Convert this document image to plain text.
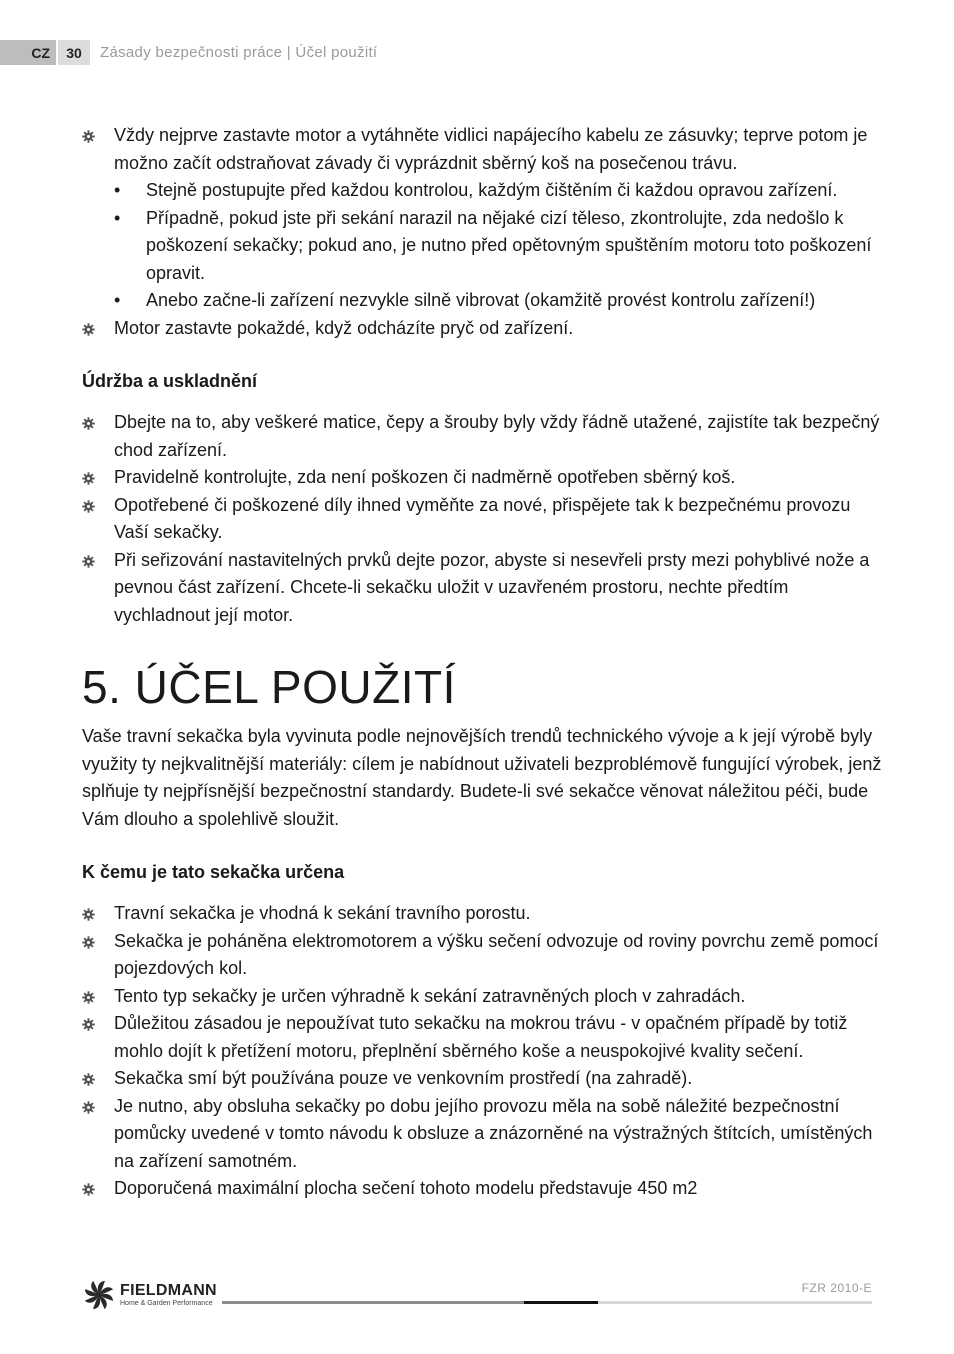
CZ	30	Zásady bezpečnosti práce | Účel použití
Vždy nejprve zastavte motor a vytáhněte vidlici napájecího kabelu ze zásuvky; teprve potom je možno začít odstraňovat závady či vyprázdnit sběrný koš na posečenou trávu.
• Stejně postupujte před každou kontrolou, každým čištěním či každou opravou zařízení.
• Případně, pokud jste při sekání narazil na nějaké cizí těleso, zkontrolujte, zda nedošlo k poškození sekačky; pokud ano, je nutno před opětovným spuštěním motoru toto poškození opravit.
• Anebo začne-li zařízení nezvykle silně vibrovat (okamžitě provést kontrolu zařízení!)
Motor zastavte pokaždé, když odcházíte pryč od zařízení.
Údržba a uskladnění
Dbejte na to, aby veškeré matice, čepy a šrouby byly vždy řádně utažené, zajistíte tak bezpečný chod zařízení.
Pravidelně kontrolujte, zda není poškozen či nadměrně opotřeben sběrný koš.
Opotřebené či poškozené díly ihned vyměňte za nové, přispějete tak k bezpečnému provozu Vaší sekačky.
Při seřizování nastavitelných prvků dejte pozor, abyste si nesevřeli prsty mezi pohyblivé nože a pevnou část zařízení. Chcete-li sekačku uložit v uzavřeném prostoru, nechte předtím vychladnout její motor.
5. ÚČEL POUŽITÍ

Vaše travní sekačka byla vyvinuta podle nejnovějších trendů technického vývoje a k její výrobě byly využity ty nejkvalitnější materiály: cílem je nabídnout uživateli bezproblémově fungující výrobek, jenž splňuje ty nejpřísnější bezpečnostní standardy. Budete-li své sekačce věnovat náležitou péči, bude Vám dlouho a spolehlivě sloužit.

K čemu je tato sekačka určena
Travní sekačka je vhodná k sekání travního porostu.
Sekačka je poháněna elektromotorem a výšku sečení odvozuje od roviny povrchu země pomocí pojezdových kol.
Tento typ sekačky je určen výhradně k sekání zatravněných ploch v zahradách.
Důležitou zásadou je nepoužívat tuto sekačku na mokrou trávu - v opačném případě by totiž mohlo dojít k přetížení motoru, přeplnění sběrného koše a neuspokojivé kvality sečení.
Sekačka smí být používána pouze ve venkovním prostředí (na zahradě).
Je nutno, aby obsluha sekačky po dobu jejího provozu měla na sobě náležité bezpečnostní pomůcky uvedené v tomto návodu k obsluze a znázorněné na výstražných štítcích, umístěných na zařízení samotném.
Doporučená maximální plocha sečení tohoto modelu představuje 450 m2
FIELDMANN
Home & Garden Performance
FZR 2010-E
